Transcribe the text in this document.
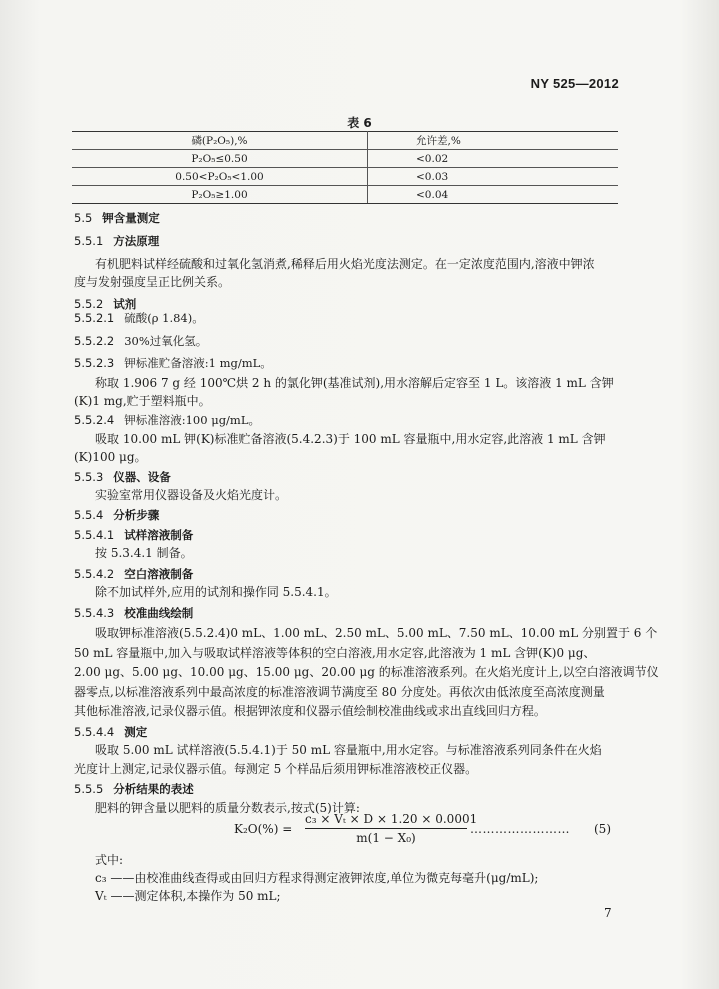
NY 525—2012
表 6
磷(P₂O₅),%	允许差,%
P₂O₅≤0.50	<0.02
0.50<P₂O₅<1.00	<0.03
P₂O₅≥1.00	<0.04
5.5 钾含量测定
5.5.1 方法原理
有机肥料试样经硫酸和过氧化氢消煮,稀释后用火焰光度法测定。在一定浓度范围内,溶液中钾浓
度与发射强度呈正比例关系。
5.5.2 试剂
5.5.2.1 硫酸(ρ 1.84)。
5.5.2.2 30%过氧化氢。
5.5.2.3 钾标准贮备溶液:1 mg/mL。
称取 1.906 7 g 经 100℃烘 2 h 的氯化钾(基准试剂),用水溶解后定容至 1 L。该溶液 1 mL 含钾
(K)1 mg,贮于塑料瓶中。
5.5.2.4 钾标准溶液:100 μg/mL。
吸取 10.00 mL 钾(K)标准贮备溶液(5.4.2.3)于 100 mL 容量瓶中,用水定容,此溶液 1 mL 含钾
(K)100 μg。
5.5.3 仪器、设备
实验室常用仪器设备及火焰光度计。
5.5.4 分析步骤
5.5.4.1 试样溶液制备
按 5.3.4.1 制备。
5.5.4.2 空白溶液制备
除不加试样外,应用的试剂和操作同 5.5.4.1。
5.5.4.3 校准曲线绘制
吸取钾标准溶液(5.5.2.4)0 mL、1.00 mL、2.50 mL、5.00 mL、7.50 mL、10.00 mL 分别置于 6 个
50 mL 容量瓶中,加入与吸取试样溶液等体积的空白溶液,用水定容,此溶液为 1 mL 含钾(K)0 μg、
2.00 μg、5.00 μg、10.00 μg、15.00 μg、20.00 μg 的标准溶液系列。在火焰光度计上,以空白溶液调节仪
器零点,以标准溶液系列中最高浓度的标准溶液调节满度至 80 分度处。再依次由低浓度至高浓度测量
其他标准溶液,记录仪器示值。根据钾浓度和仪器示值绘制校准曲线或求出直线回归方程。
5.5.4.4 测定
吸取 5.00 mL 试样溶液(5.5.4.1)于 50 mL 容量瓶中,用水定容。与标准溶液系列同条件在火焰
光度计上测定,记录仪器示值。每测定 5 个样品后须用钾标准溶液校正仪器。
5.5.5 分析结果的表述
肥料的钾含量以肥料的质量分数表示,按式(5)计算:
$K_2O(\%) = \frac{\text{c₃ × Vₜ × D × 1.20 × 0.0001}}{\text{m(1 − X₀)}}$ …………………… (5)
式中:
c₃ ——由校准曲线查得或由回归方程求得测定液钾浓度,单位为微克每毫升(μg/mL);
Vₜ ——测定体积,本操作为 50 mL;
7
